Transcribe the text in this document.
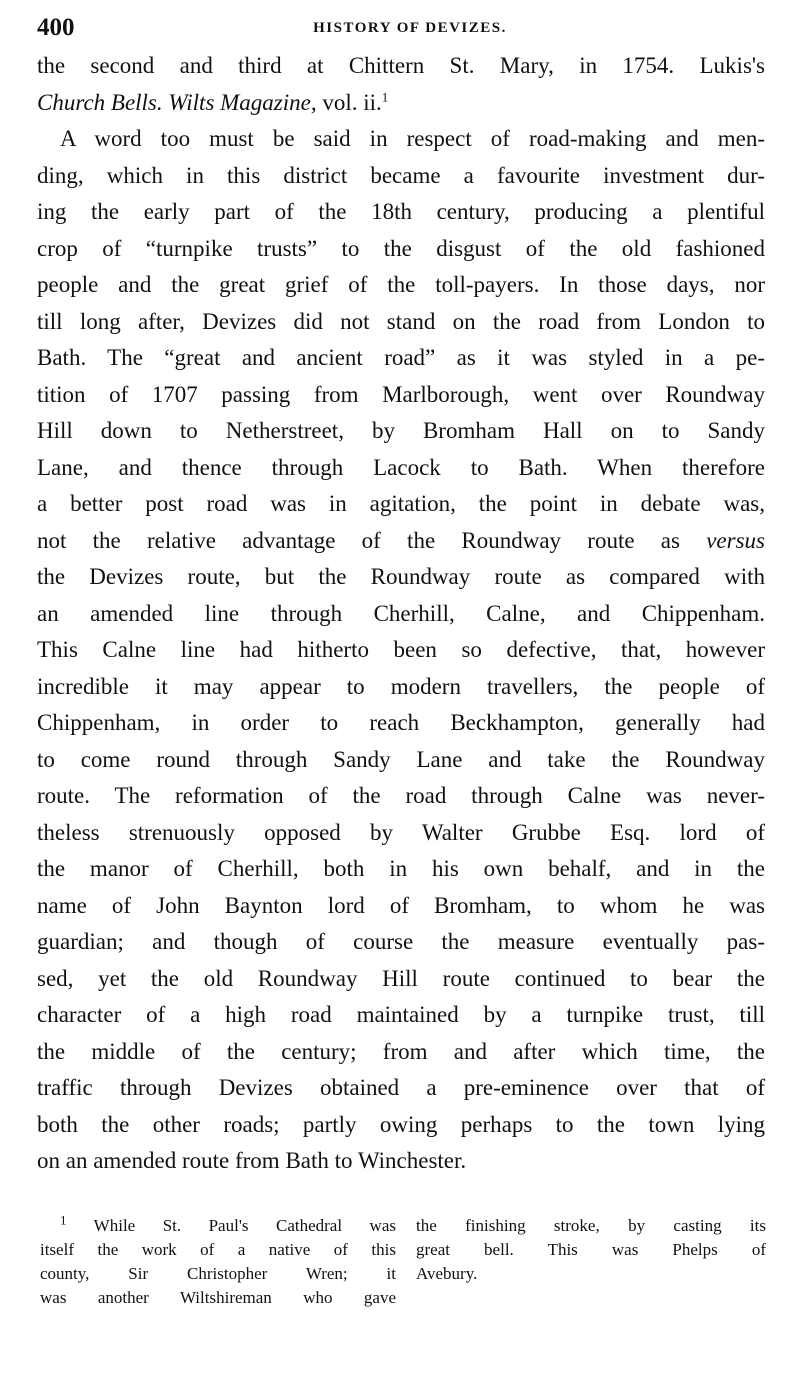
400	HISTORY OF DEVIZES.
the second and third at Chittern St. Mary, in 1754. Lukis's
Church Bells. Wilts Magazine, vol. ii.$^1$
A word too must be said in respect of road-making and men-
ding, which in this district became a favourite investment dur-
ing the early part of the 18th century, producing a plentiful
crop of “turnpike trusts” to the disgust of the old fashioned
people and the great grief of the toll-payers. In those days, nor
till long after, Devizes did not stand on the road from London to
Bath. The “great and ancient road” as it was styled in a pe-
tition of 1707 passing from Marlborough, went over Roundway
Hill down to Netherstreet, by Bromham Hall on to Sandy
Lane, and thence through Lacock to Bath. When therefore
a better post road was in agitation, the point in debate was,
not the relative advantage of the Roundway route as versus
the Devizes route, but the Roundway route as compared with
an amended line through Cherhill, Calne, and Chippenham.
This Calne line had hitherto been so defective, that, however
incredible it may appear to modern travellers, the people of
Chippenham, in order to reach Beckhampton, generally had
to come round through Sandy Lane and take the Roundway
route. The reformation of the road through Calne was never-
theless strenuously opposed by Walter Grubbe Esq. lord of
the manor of Cherhill, both in his own behalf, and in the
name of John Baynton lord of Bromham, to whom he was
guardian; and though of course the measure eventually pas-
sed, yet the old Roundway Hill route continued to bear the
character of a high road maintained by a turnpike trust, till
the middle of the century; from and after which time, the
traffic through Devizes obtained a pre-eminence over that of
both the other roads; partly owing perhaps to the town lying
on an amended route from Bath to Winchester.
$^1$ While St. Paul's Cathedral was
itself the work of a native of this
county, Sir Christopher Wren; it
was another Wiltshireman who gave
the finishing stroke, by casting its
great bell. This was Phelps of
Avebury.
